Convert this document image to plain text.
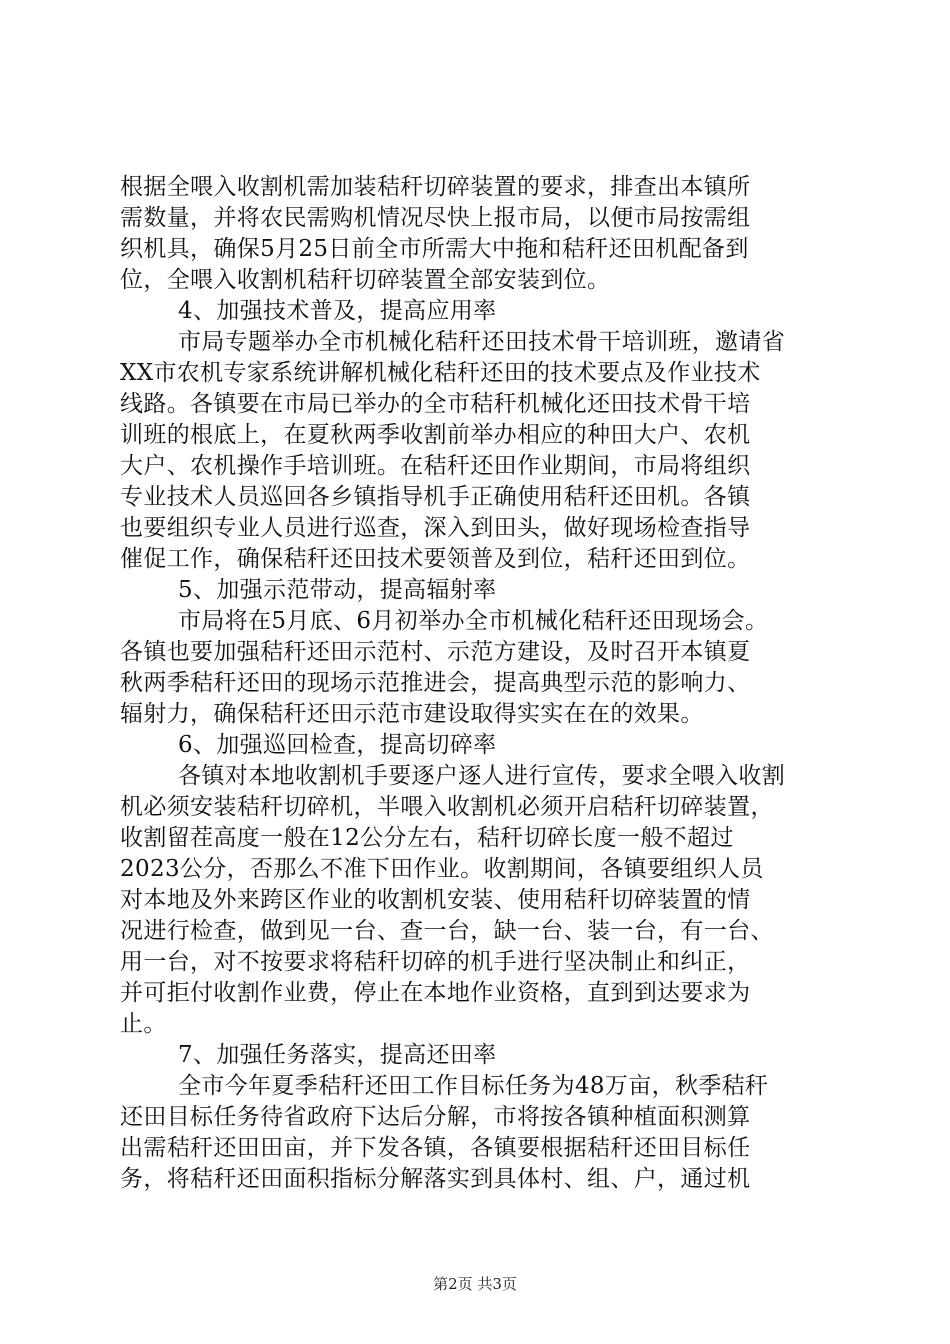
根据全喂入收割机需加装秸秆切碎装置的要求，排查出本镇所
需数量，并将农民需购机情况尽快上报市局，以便市局按需组
织机具，确保5月25日前全市所需大中拖和秸秆还田机配备到
位，全喂入收割机秸秆切碎装置全部安装到位。
4、加强技术普及，提高应用率
市局专题举办全市机械化秸秆还田技术骨干培训班，邀请省
XX市农机专家系统讲解机械化秸秆还田的技术要点及作业技术
线路。各镇要在市局已举办的全市秸秆机械化还田技术骨干培
训班的根底上，在夏秋两季收割前举办相应的种田大户、农机
大户、农机操作手培训班。在秸秆还田作业期间，市局将组织
专业技术人员巡回各乡镇指导机手正确使用秸秆还田机。各镇
也要组织专业人员进行巡查，深入到田头，做好现场检查指导
催促工作，确保秸秆还田技术要领普及到位，秸秆还田到位。
5、加强示范带动，提高辐射率
市局将在5月底、6月初举办全市机械化秸秆还田现场会。
各镇也要加强秸秆还田示范村、示范方建设，及时召开本镇夏
秋两季秸秆还田的现场示范推进会，提高典型示范的影响力、
辐射力，确保秸秆还田示范市建设取得实实在在的效果。
6、加强巡回检查，提高切碎率
各镇对本地收割机手要逐户逐人进行宣传，要求全喂入收割
机必须安装秸秆切碎机，半喂入收割机必须开启秸秆切碎装置，
收割留茬高度一般在12公分左右，秸秆切碎长度一般不超过
2023公分，否那么不准下田作业。收割期间，各镇要组织人员
对本地及外来跨区作业的收割机安装、使用秸秆切碎装置的情
况进行检查，做到见一台、查一台，缺一台、装一台，有一台、
用一台，对不按要求将秸秆切碎的机手进行坚决制止和纠正，
并可拒付收割作业费，停止在本地作业资格，直到到达要求为
止。
7、加强任务落实，提高还田率
全市今年夏季秸秆还田工作目标任务为48万亩，秋季秸秆
还田目标任务待省政府下达后分解，市将按各镇种植面积测算
出需秸秆还田田亩，并下发各镇，各镇要根据秸秆还田目标任
务，将秸秆还田面积指标分解落实到具体村、组、户，通过机
第2页 共3页
